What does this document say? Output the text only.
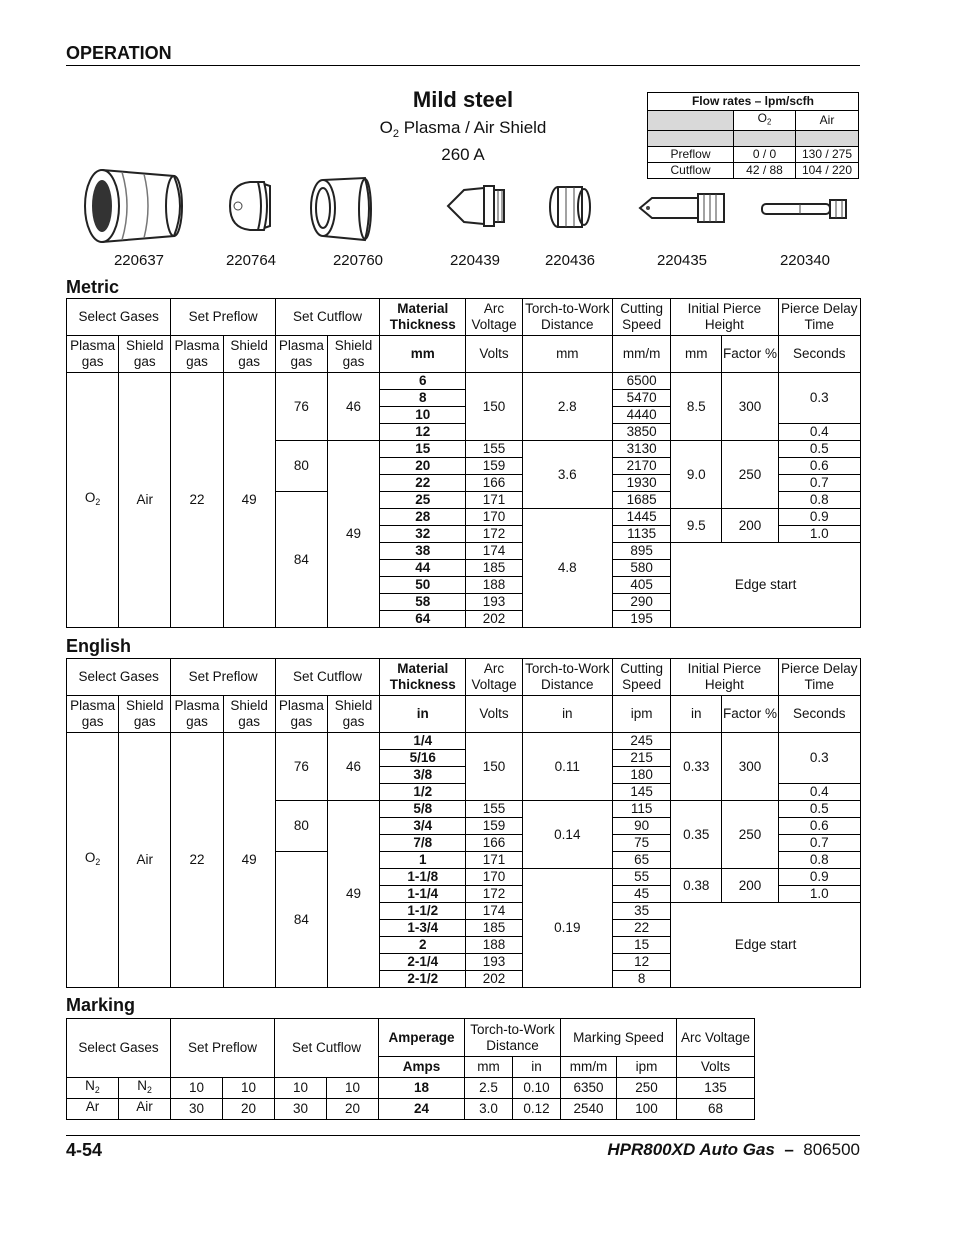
OPERATION
Mild steel
$O_2$ Plasma / Air Shield
260 A
Flow rates – lpm/scfh		
	$O_2$	Air

Preflow	0 / 0	130 / 275
Cutflow	42 / 88	104 / 220
220637	220764	220760	220439	220436	220435	220340
Metric
Select Gases		Set Preflow		Set Cutflow		Material Thickness	Arc Voltage	Torch-to-Work Distance	Cutting Speed	Initial Pierce Height		Pierce Delay Time
Plasma gas	Shield gas	Plasma gas	Shield gas	Plasma gas	Shield gas	mm	Volts	mm	mm/m	mm	Factor %	Seconds
$O_2$	Air	22	49	76	46	6	150	2.8	6500	8.5	300	0.3
						8			5470			
						10			4440			
						12			3850			0.4
				80	49	15	155	3.6	3130	9.0	250	0.5
						20	159		2170			0.6
						22	166		1930			0.7
				84		25	171		1685			0.8
						28	170	4.8	1445	9.5	200	0.9
						32	172		1135			1.0
						38	174		895	Edge start		
						44	185		580			
						50	188		405			
						58	193		290			
						64	202		195			
English
Select Gases		Set Preflow		Set Cutflow		Material Thickness	Arc Voltage	Torch-to-Work Distance	Cutting Speed	Initial Pierce Height		Pierce Delay Time
Plasma gas	Shield gas	Plasma gas	Shield gas	Plasma gas	Shield gas	in	Volts	in	ipm	in	Factor %	Seconds
$O_2$	Air	22	49	76	46	1/4	150	0.11	245	0.33	300	0.3
						5/16			215			
						3/8			180			
						1/2			145			0.4
				80	49	5/8	155	0.14	115	0.35	250	0.5
						3/4	159		90			0.6
						7/8	166		75			0.7
				84		1	171		65			0.8
						1-1/8	170	0.19	55	0.38	200	0.9
						1-1/4	172		45			1.0
						1-1/2	174		35	Edge start		
						1-3/4	185		22			
						2	188		15			
						2-1/4	193		12			
						2-1/2	202		8			
Marking
Select Gases		Set Preflow		Set Cutflow		Amperage	Torch-to-Work Distance		Marking Speed		Arc Voltage
						Amps	mm	in	mm/m	ipm	Volts
$N_2$	$N_2$	10	10	10	10	18	2.5	0.10	6350	250	135
Ar	Air	30	20	30	20	24	3.0	0.12	2540	100	68
4-54	HPR800XD Auto Gas – 806500
